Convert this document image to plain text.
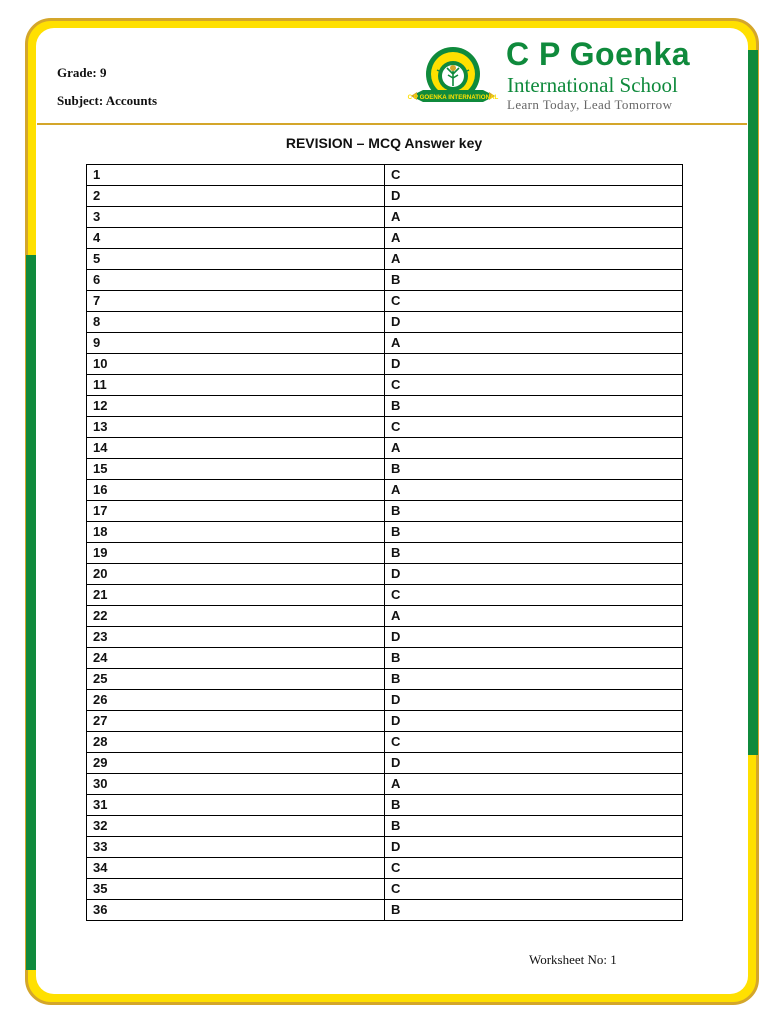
Grade: 9
Subject: Accounts	C P GOENKA INTERNATIONAL
C P Goenka
International School
Learn Today, Lead Tomorrow
REVISION – MCQ Answer key
1	C
2	D
3	A
4	A
5	A
6	B
7	C
8	D
9	A
10	D
11	C
12	B
13	C
14	A
15	B
16	A
17	B
18	B
19	B
20	D
21	C
22	A
23	D
24	B
25	B
26	D
27	D
28	C
29	D
30	A
31	B
32	B
33	D
34	C
35	C
36	B
Worksheet No: 1
